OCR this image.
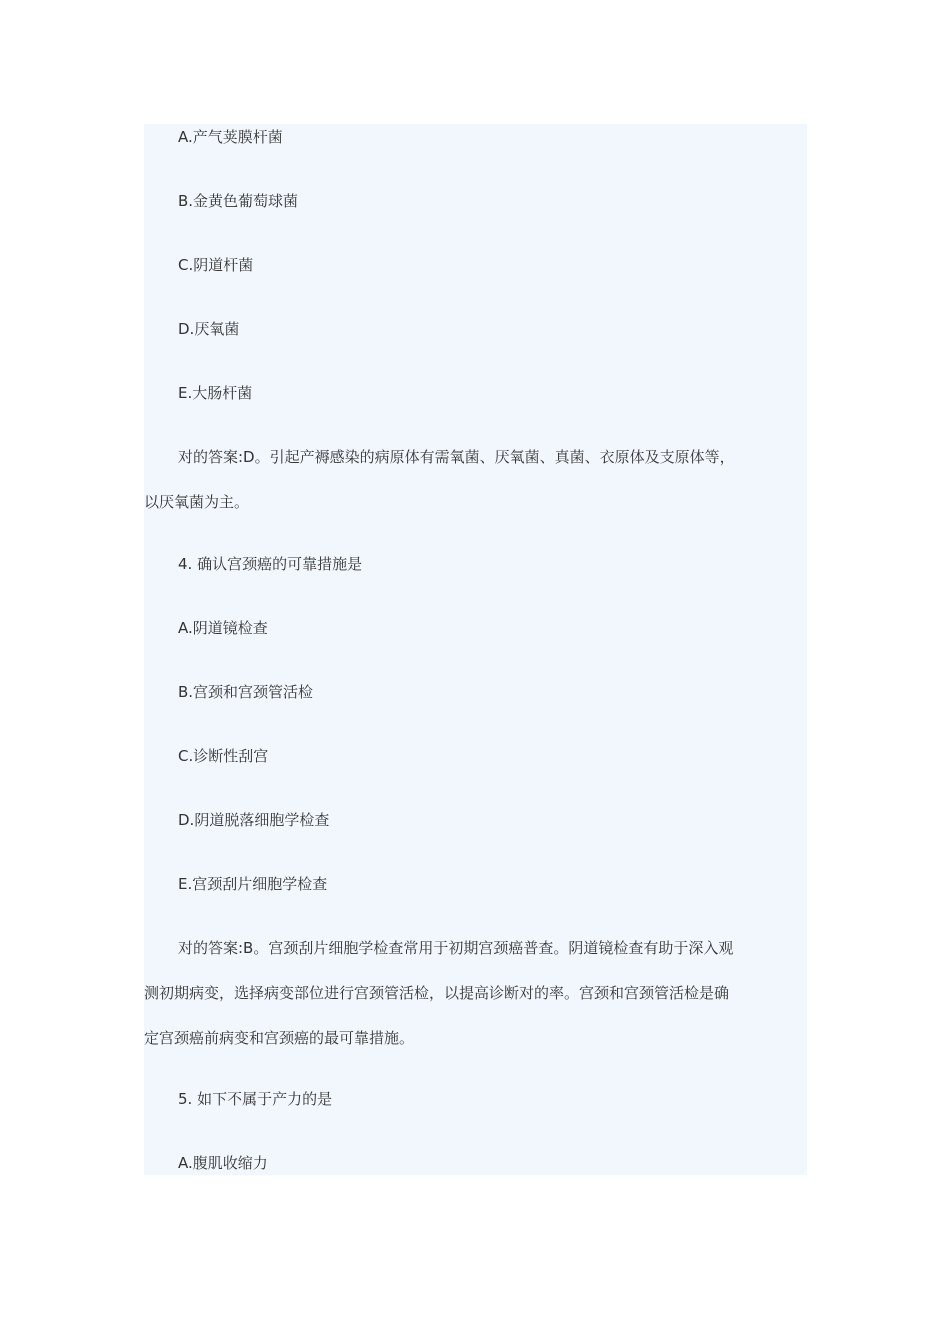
A.产气荚膜杆菌
B.金黄色葡萄球菌
C.阴道杆菌
D.厌氧菌
E.大肠杆菌
对的答案:D。引起产褥感染的病原体有需氧菌、厌氧菌、真菌、衣原体及支原体等，
以厌氧菌为主。
4. 确认宫颈癌的可靠措施是
A.阴道镜检查
B.宫颈和宫颈管活检
C.诊断性刮宫
D.阴道脱落细胞学检查
E.宫颈刮片细胞学检查
对的答案:B。宫颈刮片细胞学检查常用于初期宫颈癌普查。阴道镜检查有助于深入观
测初期病变，选择病变部位进行宫颈管活检，以提高诊断对的率。宫颈和宫颈管活检是确
定宫颈癌前病变和宫颈癌的最可靠措施。
5. 如下不属于产力的是
A.腹肌收缩力
